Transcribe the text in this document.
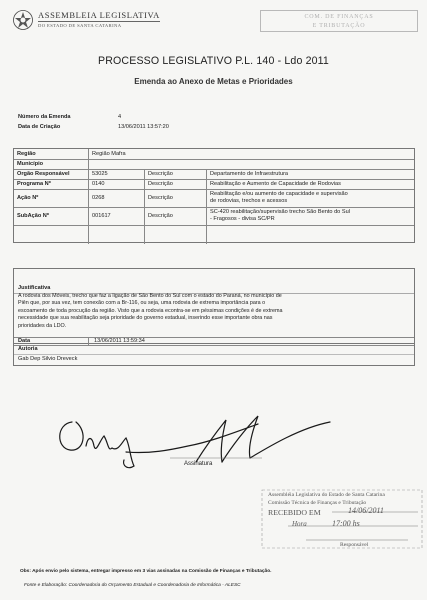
ASSEMBLEIA LEGISLATIVA
DO ESTADO DE SANTA CATARINA
COM. DE FINANÇAS
E TRIBUTAÇÃO
PROCESSO LEGISLATIVO P.L. 140 - Ldo 2011
Emenda ao Anexo de Metas e Prioridades
Número da Emenda	4
Data de Criação	13/06/2011 13:57:20
Região	Região Mafra
Município
Orgão Responsável	53025	Descrição	Departamento de Infraestrutura
Programa Nº	0140	Descrição	Reabilitação e Aumento de Capacidade de Rodovias
Ação Nº	0268	Descrição
Reabilitação e/ou aumento de capacidade e supervisão
de rodovias, trechos e acessos
SubAção Nº	001617	Descrição
SC-420 reabilitação/supervisão trecho São Bento do Sul
- Fragosos - divisa SC/PR
Justificativa
A rodovia dos Móveis, trecho que faz a ligação de São Bento do Sul com o estado do Paraná, no município de
Piên que, por sua vez, tem conexão com a Br-116, ou seja, uma rodovia de extrema importância para o
escoamento de toda procução da região. Visto que a rodovia econtra-se em péssimas condições é de extrema
necessidade que sua reabilitação seja prioridade do governo estadual, inserindo esse importante obra nas
prioridades da LDO.
Data	13/06/2011 13:59:34
Autoria
Gab Dep Silvio Dreveck
Assinatura
Assembléia Legislativa do Estado de Santa Catarina
Comissão Técnica de Finanças e Tributação
RECEBIDO EM	14/06/2011
Hora	17:00 hs
Responsável
Obs: Após envio pelo sistema, entregar impresso em 3 vias assinadas na Comissão de Finanças e Tributação.
Fonte e Elaboração: Coordenadoria do Orçamento Estadual e Coordenadoria de Informática - ALESC
